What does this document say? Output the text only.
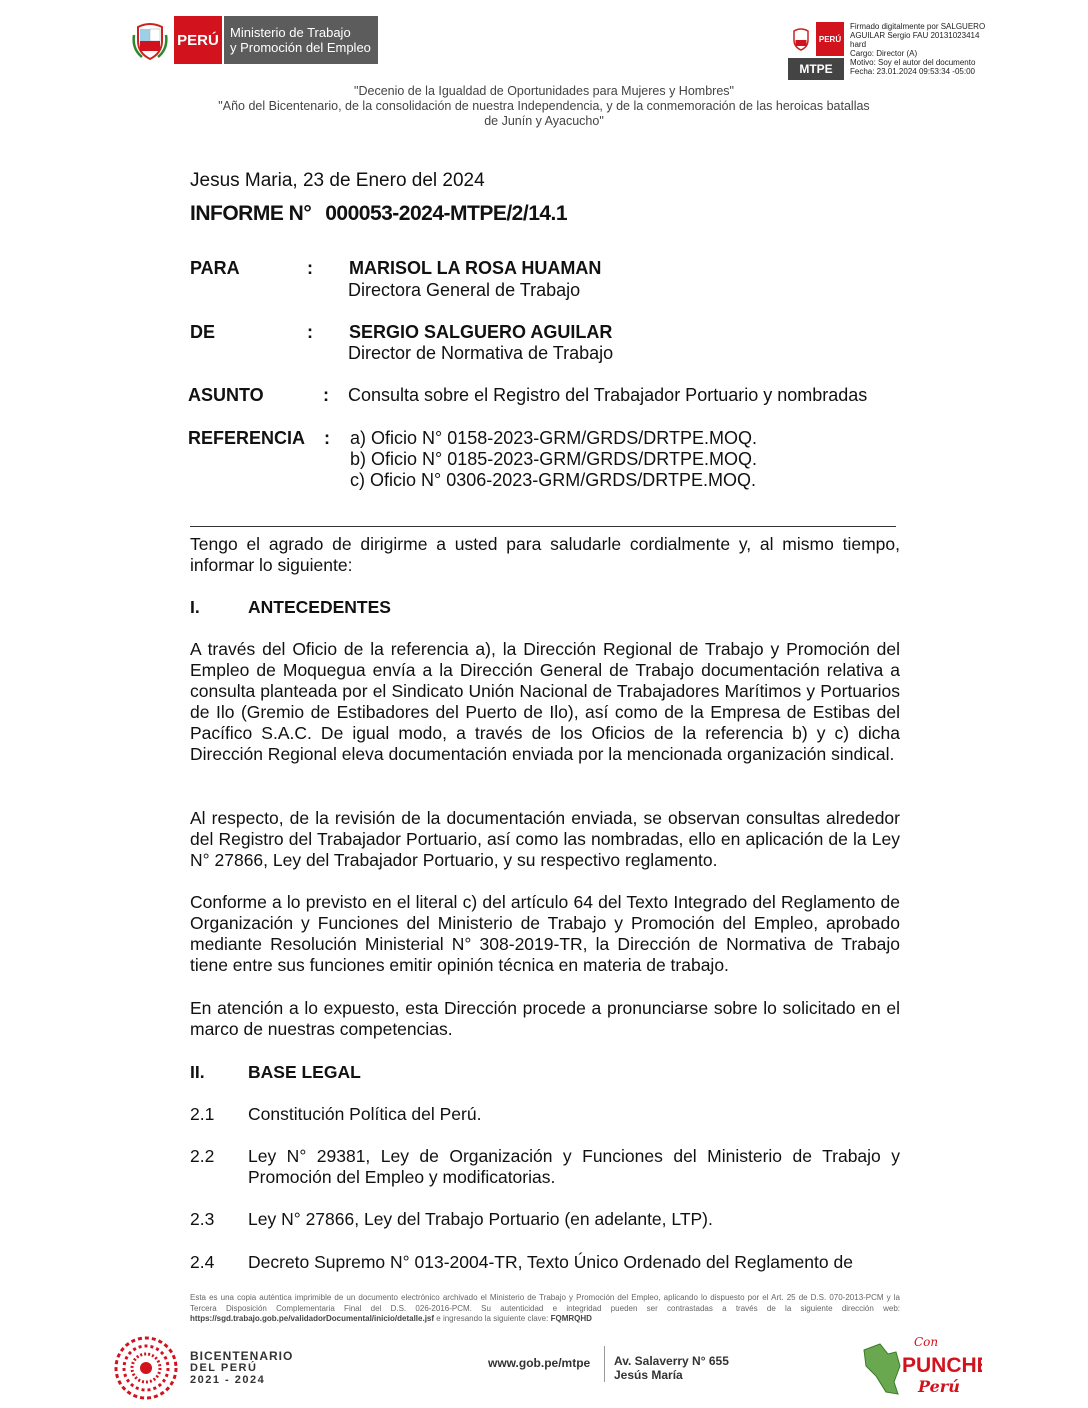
PERÚ Ministerio de Trabajo
y Promoción del Empleo
PERÚ
MTPE
Firmado digitalmente por SALGUERO
AGUILAR Sergio FAU 20131023414
hard
Cargo: Director (A)
Motivo: Soy el autor del documento
Fecha: 23.01.2024 09:53:34 -05:00
"Decenio de la Igualdad de Oportunidades para Mujeres y Hombres"
"Año del Bicentenario, de la consolidación de nuestra Independencia, y de la conmemoración de las heroicas batallas
de Junín y Ayacucho"
Jesus Maria, 23 de Enero del 2024
INFORME N° 000053-2024-MTPE/2/14.1
PARA	: MARISOL LA ROSA HUAMAN
Directora General de Trabajo
DE	: SERGIO SALGUERO AGUILAR
Director de Normativa de Trabajo
ASUNTO	: Consulta sobre el Registro del Trabajador Portuario y nombradas
REFERENCIA : a) Oficio N° 0158-2023-GRM/GRDS/DRTPE.MOQ.
b) Oficio N° 0185-2023-GRM/GRDS/DRTPE.MOQ.
c) Oficio N° 0306-2023-GRM/GRDS/DRTPE.MOQ.
Tengo el agrado de dirigirme a usted para saludarle cordialmente y, al mismo tiempo, informar lo siguiente:
I.	ANTECEDENTES
A través del Oficio de la referencia a), la Dirección Regional de Trabajo y Promoción del Empleo de Moquegua envía a la Dirección General de Trabajo documentación relativa a consulta planteada por el Sindicato Unión Nacional de Trabajadores Marítimos y Portuarios de Ilo (Gremio de Estibadores del Puerto de Ilo), así como de la Empresa de Estibas del Pacífico S.A.C. De igual modo, a través de los Oficios de la referencia b) y c) dicha Dirección Regional eleva documentación enviada por la mencionada organización sindical.
Al respecto, de la revisión de la documentación enviada, se observan consultas alrededor del Registro del Trabajador Portuario, así como las nombradas, ello en aplicación de la Ley N° 27866, Ley del Trabajador Portuario, y su respectivo reglamento.
Conforme a lo previsto en el literal c) del artículo 64 del Texto Integrado del Reglamento de Organización y Funciones del Ministerio de Trabajo y Promoción del Empleo, aprobado mediante Resolución Ministerial N° 308-2019-TR, la Dirección de Normativa de Trabajo tiene entre sus funciones emitir opinión técnica en materia de trabajo.
En atención a lo expuesto, esta Dirección procede a pronunciarse sobre lo solicitado en el marco de nuestras competencias.
II. BASE LEGAL
2.1	Constitución Política del Perú.
2.2	Ley N° 29381, Ley de Organización y Funciones del Ministerio de Trabajo y Promoción del Empleo y modificatorias.
2.3	Ley N° 27866, Ley del Trabajo Portuario (en adelante, LTP).
2.4	Decreto Supremo N° 013-2004-TR, Texto Único Ordenado del Reglamento de
Esta es una copia auténtica imprimible de un documento electrónico archivado el Ministerio de Trabajo y Promoción del Empleo, aplicando lo dispuesto por el Art. 25 de D.S. 070-2013-PCM y la Tercera Disposición Complementaria Final del D.S. 026-2016-PCM. Su autenticidad e integridad pueden ser contrastadas a través de la siguiente dirección web: https://sgd.trabajo.gob.pe/validadorDocumental/inicio/detalle.jsf e ingresando la siguiente clave: FQMRQHD
BICENTENARIO
DEL PERÚ
2021 - 2024
www.gob.pe/mtpe Av. Salaverry N° 655
Jesús María
Con
PUNCHE
Perú
